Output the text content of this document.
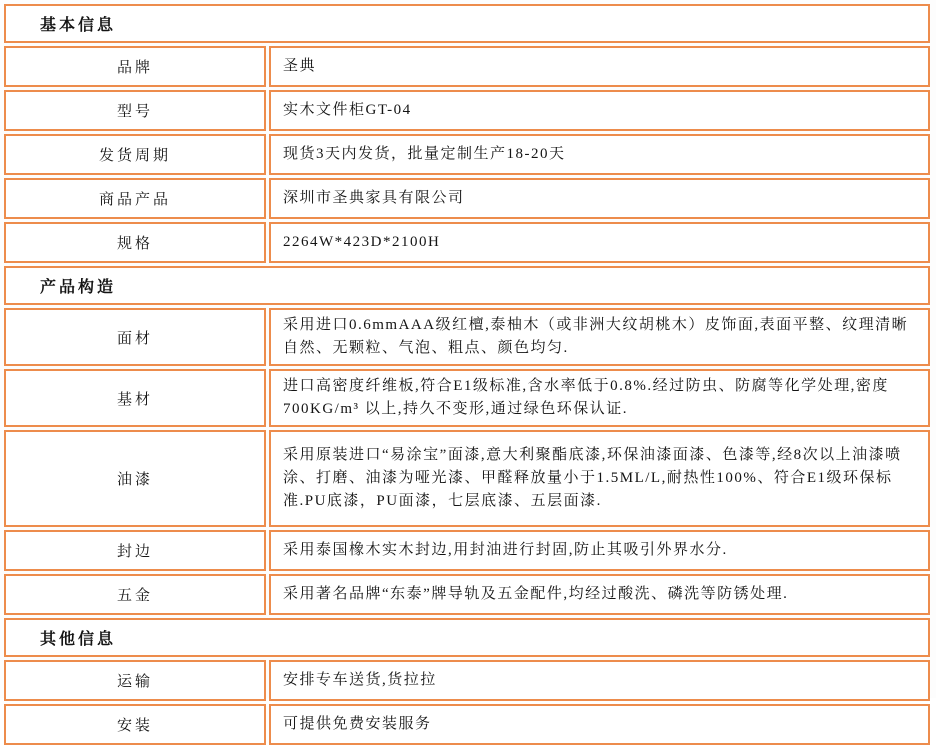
基本信息	
品牌	圣典
型号	实木文件柜GT-04
发货周期	现货3天内发货，批量定制生产18-20天
商品产品	深圳市圣典家具有限公司
规格	2264W*423D*2100H
产品构造	
面材	采用进口0.6mmAAA级红檀,泰柚木（或非洲大纹胡桃木）皮饰面,表面平整、纹理清晰自然、无颗粒、气泡、粗点、颜色均匀.
基材	进口高密度纤维板,符合E1级标准,含水率低于0.8%.经过防虫、防腐等化学处理,密度700KG/m³ 以上,持久不变形,通过绿色环保认证.
油漆	采用原装进口“易涂宝”面漆,意大利聚酯底漆,环保油漆面漆、色漆等,经8次以上油漆喷涂、打磨、油漆为哑光漆、甲醛释放量小于1.5ML/L,耐热性100%、符合E1级环保标准.PU底漆，PU面漆，七层底漆、五层面漆.
封边	采用泰国橡木实木封边,用封油进行封固,防止其吸引外界水分.
五金	采用著名品牌“东泰”牌导轨及五金配件,均经过酸洗、磷洗等防锈处理.
其他信息	
运输	安排专车送货,货拉拉
安装	可提供免费安装服务
